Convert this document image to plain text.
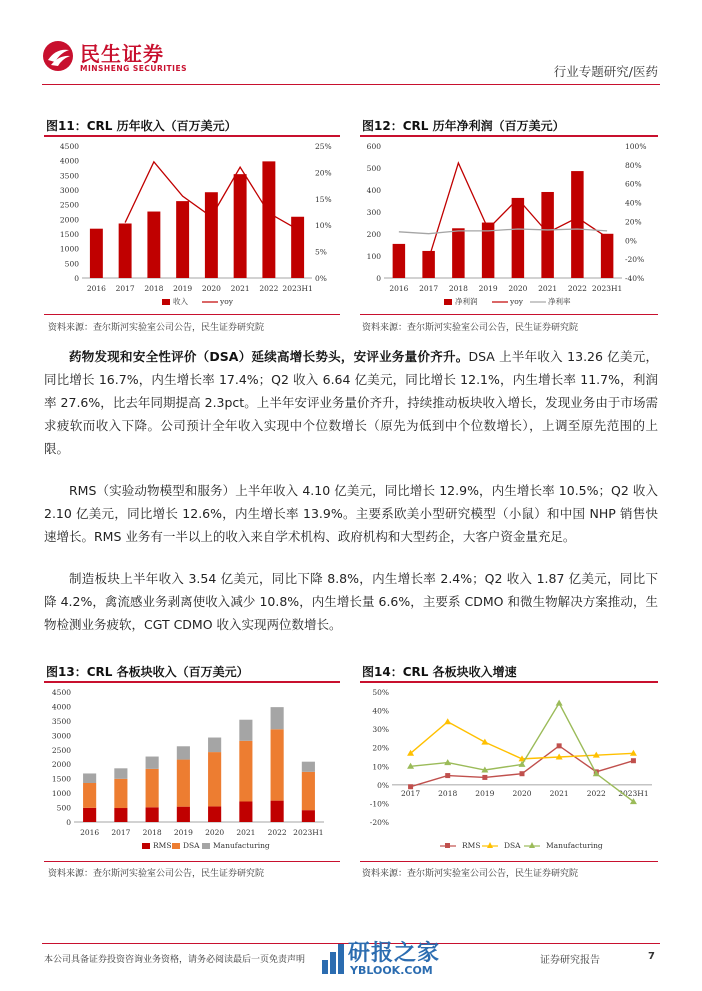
民生证券
MINSHENG SECURITIES	行业专题研究/医药
图11：CRL 历年收入（百万美元）
0
500
1000
1500
2000
2500
3000
3500
4000
4500
0%
5%
10%
15%
20%
25%
2016 2017 2018 2019 2020 2021 2022 2023H1
收入	yoy
资料来源：查尔斯河实验室公司公告，民生证券研究院
图12：CRL 历年净利润（百万美元）
0
100
200
300
400
500
600
-40%
-20%
0%
20%
40%
60%
80%
100%
2016 2017 2018 2019 2020 2021 2022 2023H1
净利润	yoy	净利率
资料来源：查尔斯河实验室公司公告，民生证券研究院

药物发现和安全性评价（DSA）延续高增长势头，安评业务量价齐升。DSA 上半年收入 13.26 亿美元，同比增长 16.7%，内生增长率 17.4%；Q2 收入 6.64 亿美元，同比增长 12.1%，内生增长率 11.7%，利润率 27.6%，比去年同期提高 2.3pct。上半年安评业务量价齐升，持续推动板块收入增长，发现业务由于市场需求疲软而收入下降。公司预计全年收入实现中个位数增长（原先为低到中个位数增长），上调至原先范围的上限。

RMS（实验动物模型和服务）上半年收入 4.10 亿美元，同比增长 12.9%，内生增长率 10.5%；Q2 收入 2.10 亿美元，同比增长 12.6%，内生增长率 13.9%。主要系欧美小型研究模型（小鼠）和中国 NHP 销售快速增长。RMS 业务有一半以上的收入来自学术机构、政府机构和大型药企，大客户资金量充足。

制造板块上半年收入 3.54 亿美元，同比下降 8.8%，内生增长率 2.4%；Q2 收入 1.87 亿美元，同比下降 4.2%，禽流感业务剥离使收入减少 10.8%，内生增长量 6.6%，主要系 CDMO 和微生物解决方案推动，生物检测业务疲软，CGT CDMO 收入实现两位数增长。

图13：CRL 各板块收入（百万美元）
0
500
1000
1500
2000
2500
3000
3500
4000
4500
2016 2017 2018 2019 2020 2021 2022 2023H1
RMS DSA Manufacturing
资料来源：查尔斯河实验室公司公告，民生证券研究院
图14：CRL 各板块收入增速
-20%
-10%
0%
10%
20%
30%
40%
50%
2017 2018 2019 2020 2021 2022 2023H1
RMS	DSA	Manufacturing
资料来源：查尔斯河实验室公司公告，民生证券研究院
本公司具备证券投资咨询业务资格，请务必阅读最后一页免责声明	证券研究报告	7
研报之家
YBLOOK.COM
